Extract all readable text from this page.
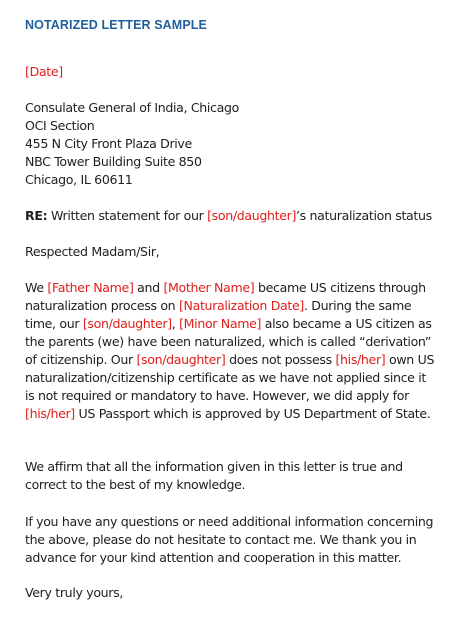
NOTARIZED LETTER SAMPLE
[Date]
Consulate General of India, Chicago
OCI Section
455 N City Front Plaza Drive
NBC Tower Building Suite 850
Chicago, IL 60611
RE: Written statement for our [son/daughter]’s naturalization status
Respected Madam/Sir,
We [Father Name] and [Mother Name] became US citizens through
naturalization process on [Naturalization Date]. During the same
time, our [son/daughter], [Minor Name] also became a US citizen as
the parents (we) have been naturalized, which is called “derivation”
of citizenship. Our [son/daughter] does not possess [his/her] own US
naturalization/citizenship certificate as we have not applied since it
is not required or mandatory to have. However, we did apply for
[his/her] US Passport which is approved by US Department of State.
We affirm that all the information given in this letter is true and
correct to the best of my knowledge.
If you have any questions or need additional information concerning
the above, please do not hesitate to contact me. We thank you in
advance for your kind attention and cooperation in this matter.
Very truly yours,
